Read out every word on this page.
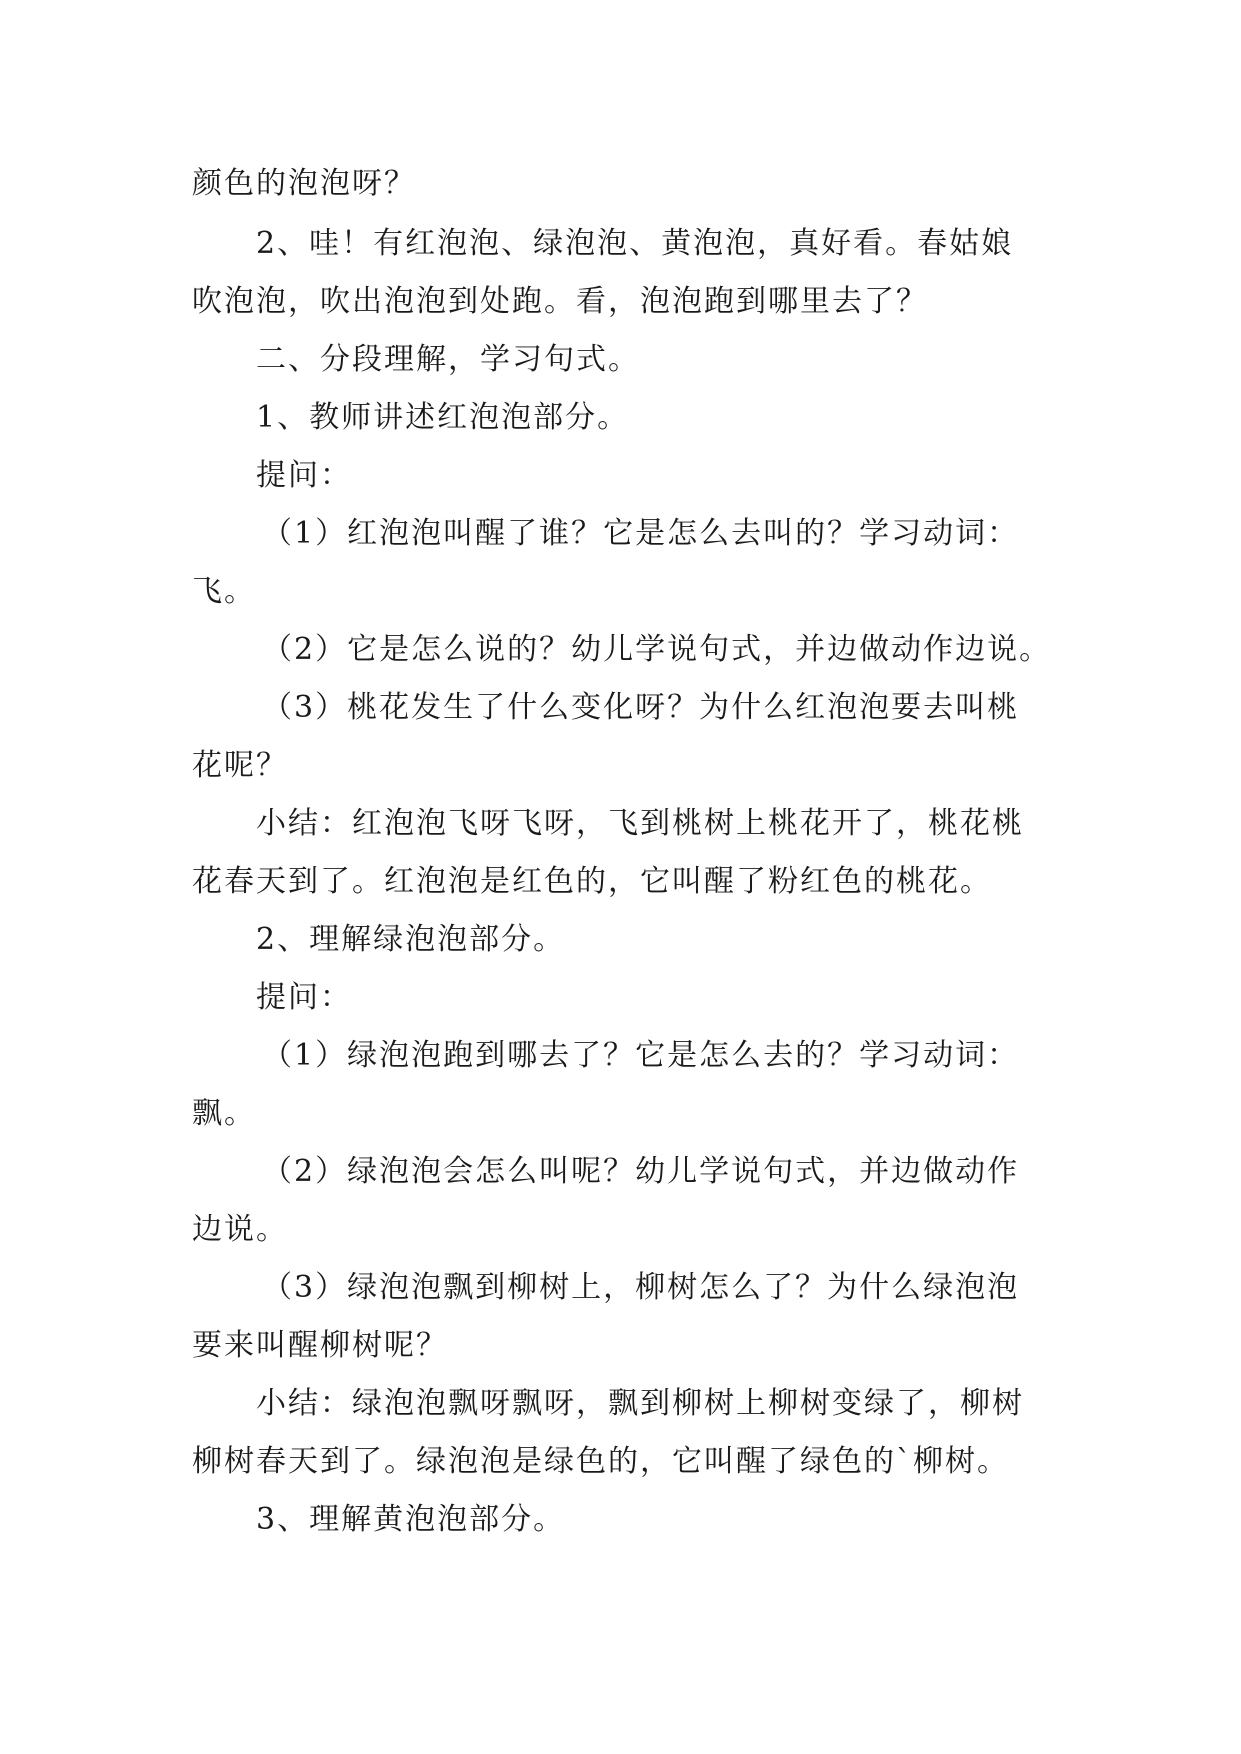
颜色的泡泡呀？
2、哇！有红泡泡、绿泡泡、黄泡泡，真好看。春姑娘
吹泡泡，吹出泡泡到处跑。看，泡泡跑到哪里去了？
二、分段理解，学习句式。
1、教师讲述红泡泡部分。
提问：
（1）红泡泡叫醒了谁？它是怎么去叫的？学习动词：
飞。
（2）它是怎么说的？幼儿学说句式，并边做动作边说。
（3）桃花发生了什么变化呀？为什么红泡泡要去叫桃
花呢？
小结：红泡泡飞呀飞呀，飞到桃树上桃花开了，桃花桃
花春天到了。红泡泡是红色的，它叫醒了粉红色的桃花。
2、理解绿泡泡部分。
提问：
（1）绿泡泡跑到哪去了？它是怎么去的？学习动词：
飘。
（2）绿泡泡会怎么叫呢？幼儿学说句式，并边做动作
边说。
（3）绿泡泡飘到柳树上，柳树怎么了？为什么绿泡泡
要来叫醒柳树呢？
小结：绿泡泡飘呀飘呀，飘到柳树上柳树变绿了，柳树
柳树春天到了。绿泡泡是绿色的，它叫醒了绿色的`柳树。
3、理解黄泡泡部分。
